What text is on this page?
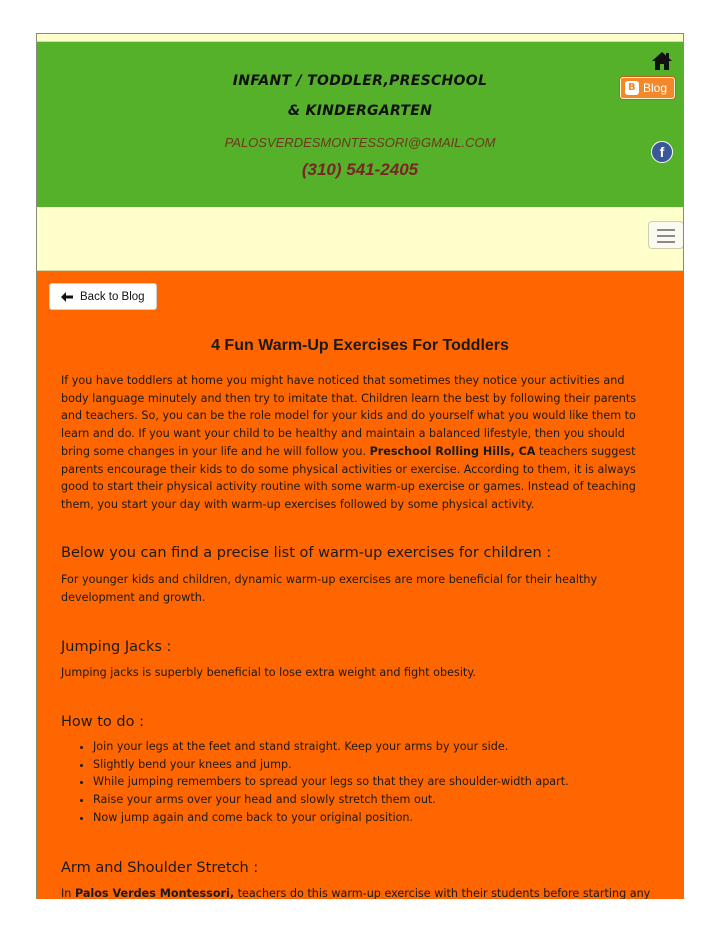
INFANT / TODDLER,PRESCHOOL
& KINDERGARTEN
PALOSVERDESMONTESSORI@GMAIL.COM
(310) 541-2405
B Blog
f
Back to Blog
4 Fun Warm-Up Exercises For Toddlers

If you have toddlers at home you might have noticed that sometimes they notice your activities and body language minutely and then try to imitate that. Children learn the best by following their parents and teachers. So, you can be the role model for your kids and do yourself what you would like them to learn and do. If you want your child to be healthy and maintain a balanced lifestyle, then you should bring some changes in your life and he will follow you. Preschool Rolling Hills, CA teachers suggest parents encourage their kids to do some physical activities or exercise. According to them, it is always good to start their physical activity routine with some warm-up exercise or games. Instead of teaching them, you start your day with warm-up exercises followed by some physical activity.

Below you can find a precise list of warm-up exercises for children :

For younger kids and children, dynamic warm-up exercises are more beneficial for their healthy development and growth.

Jumping Jacks :

Jumping jacks is superbly beneficial to lose extra weight and fight obesity.

How to do :
• Join your legs at the feet and stand straight. Keep your arms by your side.
• Slightly bend your knees and jump.
• While jumping remembers to spread your legs so that they are shoulder-width apart.
• Raise your arms over your head and slowly stretch them out.
• Now jump again and come back to your original position.
Arm and Shoulder Stretch :

In Palos Verdes Montessori, teachers do this warm-up exercise with their students before starting any
